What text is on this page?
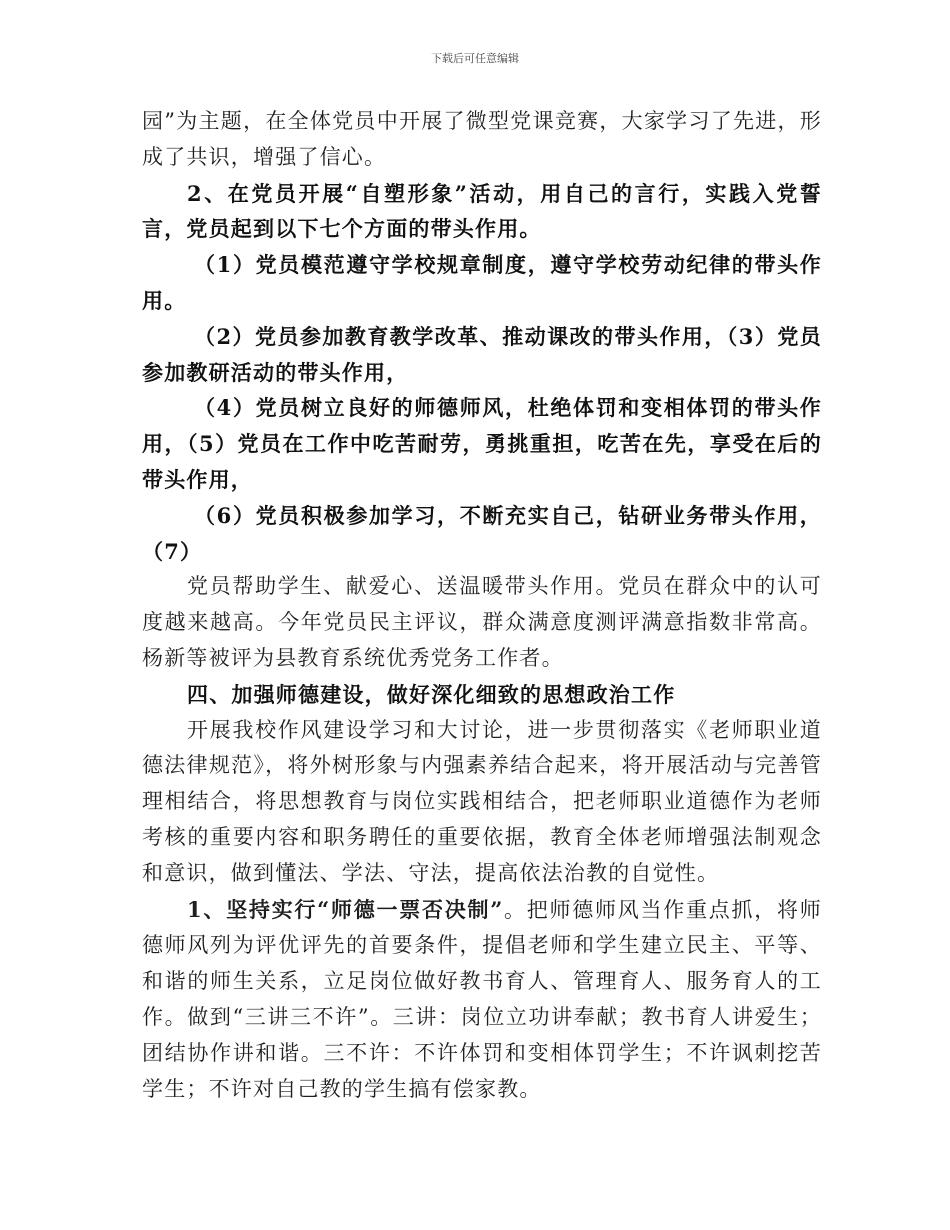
下载后可任意编辑

园”为主题，在全体党员中开展了微型党课竞赛，大家学习了先进，形成了共识，增强了信心。

2、在党员开展“自塑形象”活动，用自己的言行，实践入党誓言，党员起到以下七个方面的带头作用。

（1）党员模范遵守学校规章制度，遵守学校劳动纪律的带头作用。

（2）党员参加教育教学改革、推动课改的带头作用，（3）党员参加教研活动的带头作用，

（4）党员树立良好的师德师风，杜绝体罚和变相体罚的带头作用，（5）党员在工作中吃苦耐劳，勇挑重担，吃苦在先，享受在后的带头作用，

（6）党员积极参加学习，不断充实自己，钻研业务带头作用，（7）

党员帮助学生、献爱心、送温暖带头作用。党员在群众中的认可度越来越高。今年党员民主评议，群众满意度测评满意指数非常高。杨新等被评为县教育系统优秀党务工作者。

四、加强师德建设，做好深化细致的思想政治工作

开展我校作风建设学习和大讨论，进一步贯彻落实《老师职业道德法律规范》，将外树形象与内强素养结合起来，将开展活动与完善管理相结合，将思想教育与岗位实践相结合，把老师职业道德作为老师考核的重要内容和职务聘任的重要依据，教育全体老师增强法制观念和意识，做到懂法、学法、守法，提高依法治教的自觉性。

1、坚持实行“师德一票否决制”。把师德师风当作重点抓，将师德师风列为评优评先的首要条件，提倡老师和学生建立民主、平等、和谐的师生关系，立足岗位做好教书育人、管理育人、服务育人的工作。做到“三讲三不许”。三讲：岗位立功讲奉献；教书育人讲爱生；团结协作讲和谐。三不许：不许体罚和变相体罚学生；不许讽刺挖苦学生；不许对自己教的学生搞有偿家教。
